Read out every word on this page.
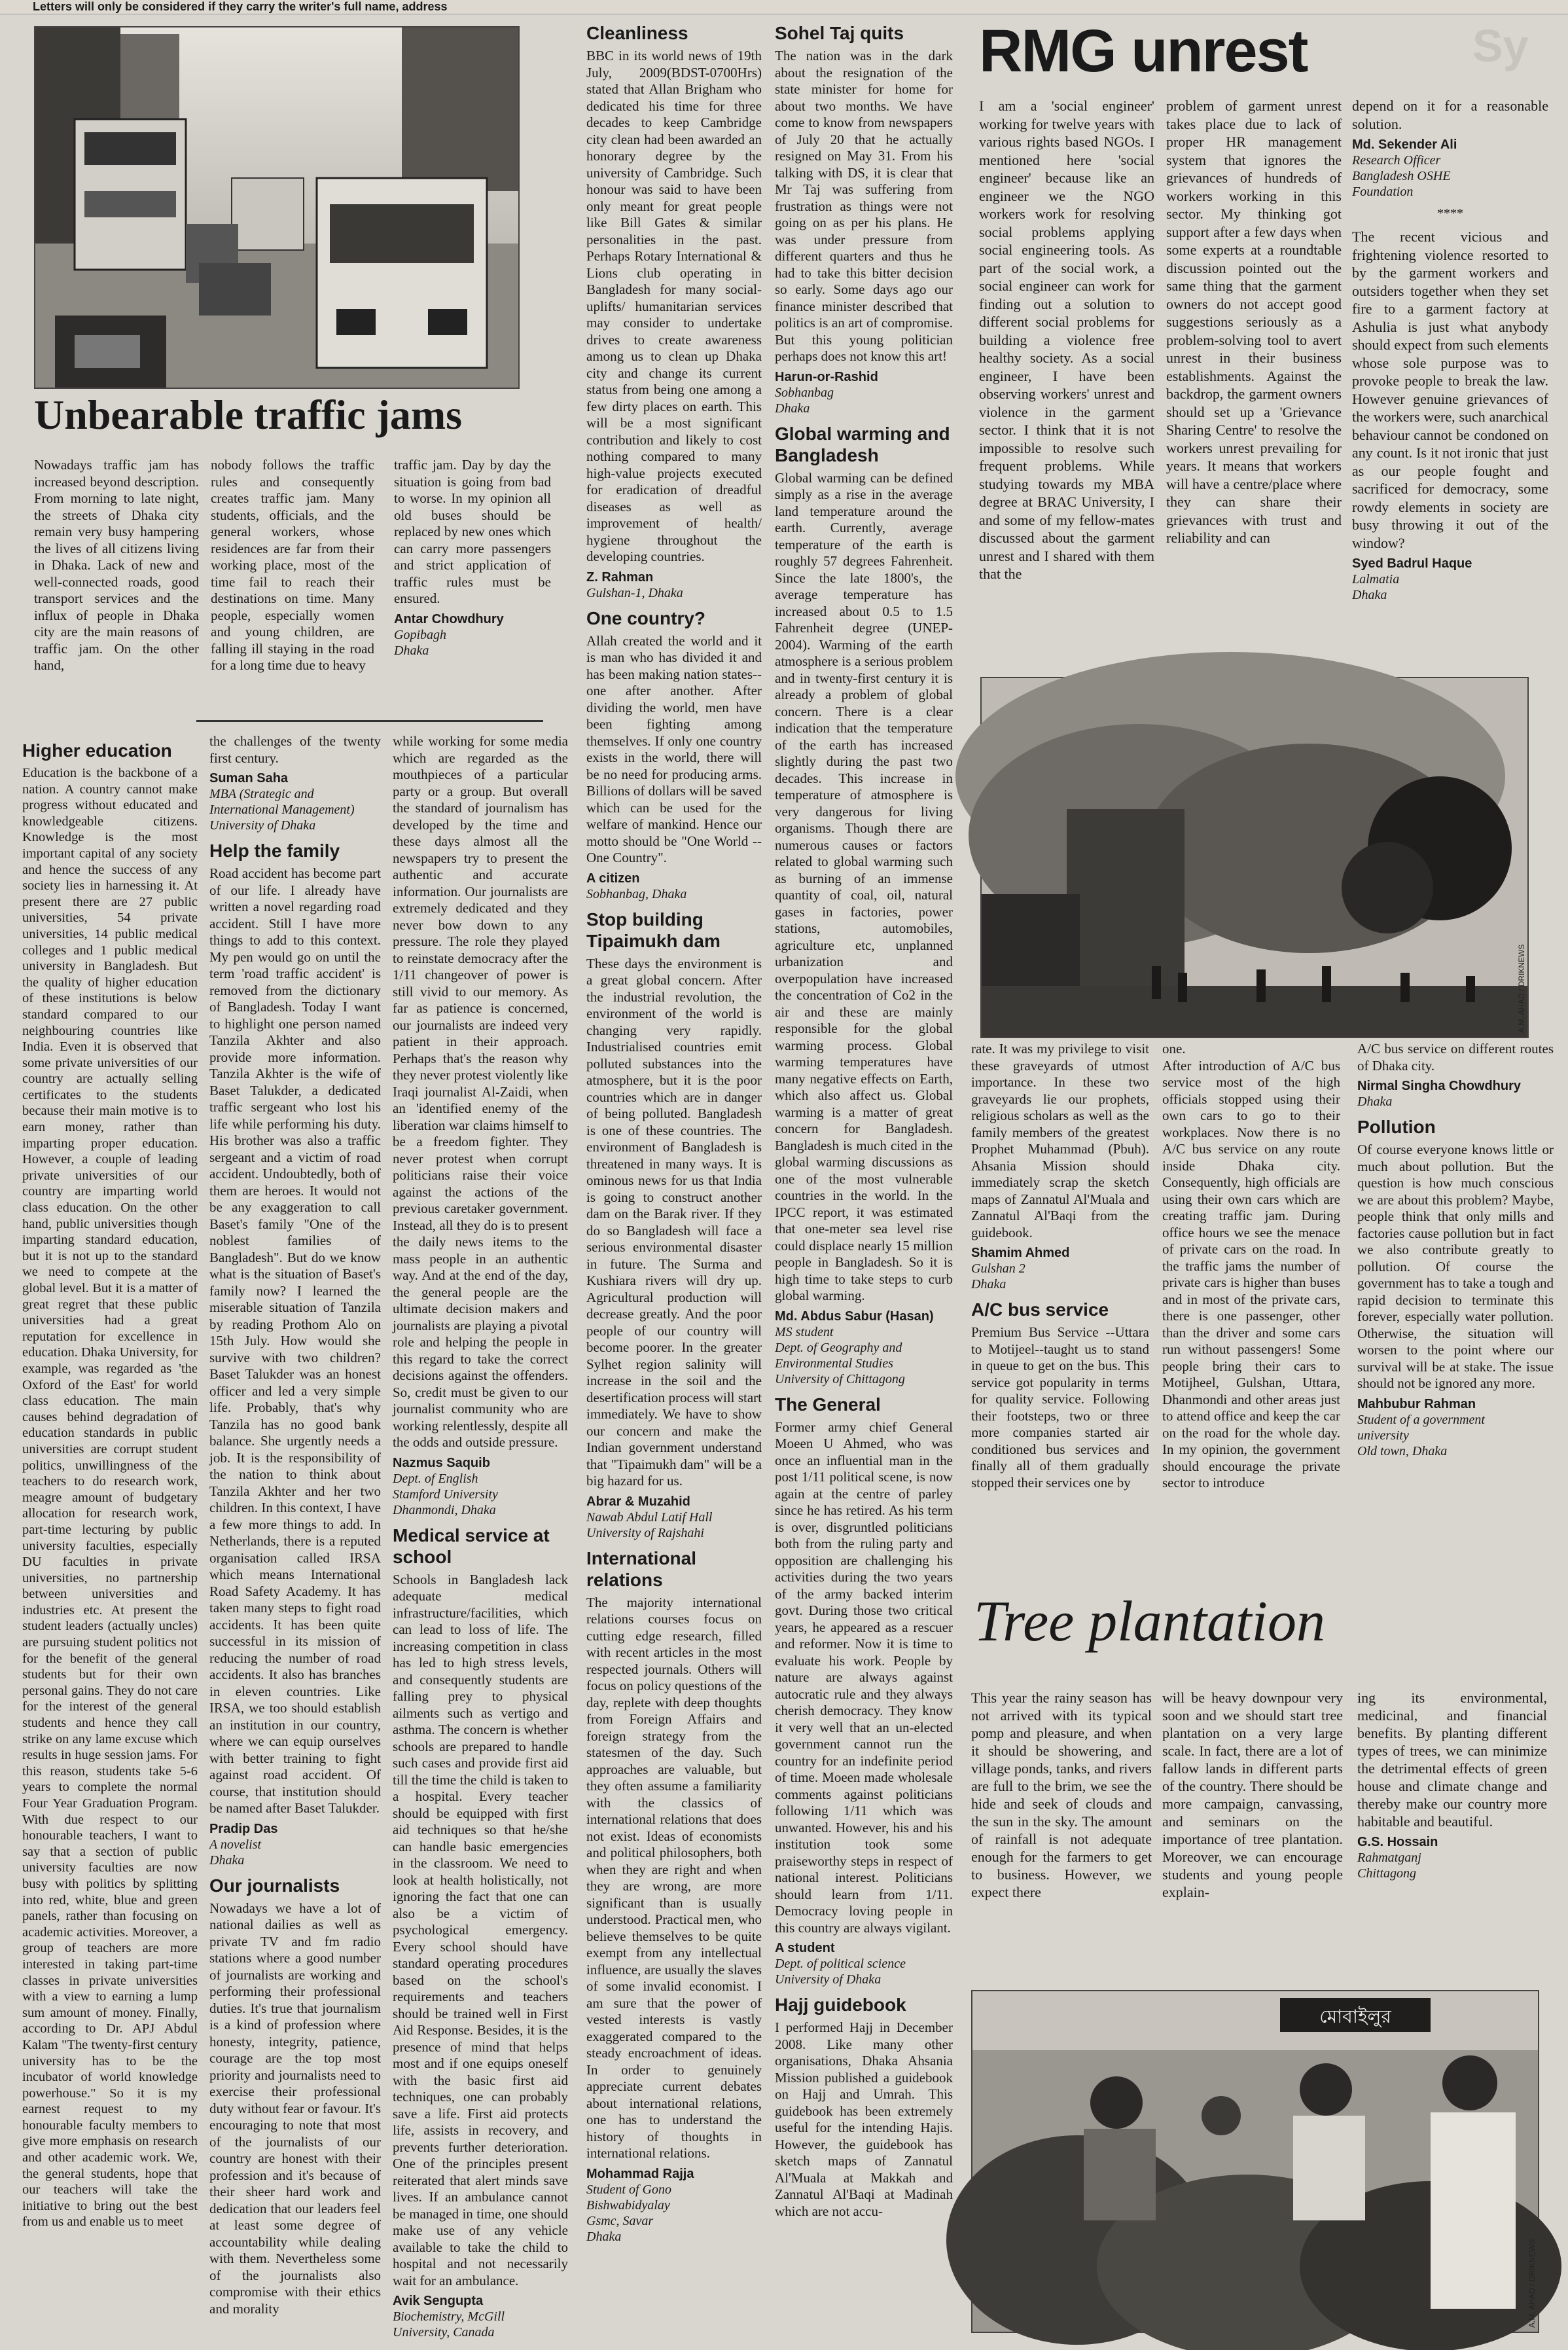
Letters will only be considered if they carry the writer's full name, address
Sy
Unbearable traffic jams

Nowadays traffic jam has increased beyond description. From morning to late night, the streets of Dhaka city remain very busy hampering the lives of all citizens living in Dhaka. Lack of new and well-connected roads, good transport services and the influx of people in Dhaka city are the main reasons of traffic jam. On the other hand,

nobody follows the traffic rules and consequently creates traffic jam. Many students, officials, and the general workers, whose residences are far from their working place, most of the time fail to reach their destinations on time. Many people, especially women and young children, are falling ill staying in the road for a long time due to heavy

traffic jam. Day by day the situation is going from bad to worse. In my opinion all old buses should be replaced by new ones which can carry more passengers and strict application of traffic rules must be ensured.

Antar Chowdhury
Gopibagh
Dhaka
Higher education

Education is the backbone of a nation. A country cannot make progress without educated and knowledgeable citizens. Knowledge is the most important capital of any society and hence the success of any society lies in harnessing it. At present there are 27 public universities, 54 private universities, 14 public medical colleges and 1 public medical university in Bangladesh. But the quality of higher education of these institutions is below standard compared to our neighbouring countries like India. Even it is observed that some private universities of our country are actually selling certificates to the students because their main motive is to earn money, rather than imparting proper education. However, a couple of leading private universities of our country are imparting world class education. On the other hand, public universities though imparting standard education, but it is not up to the standard we need to compete at the global level. But it is a matter of great regret that these public universities had a great reputation for excellence in education. Dhaka University, for example, was regarded as 'the Oxford of the East' for world class education. The main causes behind degradation of education standards in public universities are corrupt student politics, unwillingness of the teachers to do research work, meagre amount of budgetary allocation for research work, part-time lecturing by public university faculties, especially DU faculties in private universities, no partnership between universities and industries etc. At present the student leaders (actually uncles) are pursuing student politics not for the benefit of the general students but for their own personal gains. They do not care for the interest of the general students and hence they call strike on any lame excuse which results in huge session jams. For this reason, students take 5-6 years to complete the normal Four Year Graduation Program. With due respect to our honourable teachers, I want to say that a section of public university faculties are now busy with politics by splitting into red, white, blue and green panels, rather than focusing on academic activities. Moreover, a group of teachers are more interested in taking part-time classes in private universities with a view to earning a lump sum amount of money. Finally, according to Dr. APJ Abdul Kalam "The twenty-first century university has to be the incubator of world knowledge powerhouse." So it is my earnest request to my honourable faculty members to give more emphasis on research and other academic work. We, the general students, hope that our teachers will take the initiative to bring out the best from us and enable us to meet

the challenges of the twenty first century.

Suman Saha
MBA (Strategic and International Management)
University of Dhaka
Help the family

Road accident has become part of our life. I already have written a novel regarding road accident. Still I have more things to add to this context. My pen would go on until the term 'road traffic accident' is removed from the dictionary of Bangladesh. Today I want to highlight one person named Tanzila Akhter and also provide more information. Tanzila Akhter is the wife of Baset Talukder, a dedicated traffic sergeant who lost his life while performing his duty. His brother was also a traffic sergeant and a victim of road accident. Undoubtedly, both of them are heroes. It would not be any exaggeration to call Baset's family "One of the noblest families of Bangladesh". But do we know what is the situation of Baset's family now? I learned the miserable situation of Tanzila by reading Prothom Alo on 15th July. How would she survive with two children? Baset Talukder was an honest officer and led a very simple life. Probably, that's why Tanzila has no good bank balance. She urgently needs a job. It is the responsibility of the nation to think about Tanzila Akhter and her two children. In this context, I have a few more things to add. In Netherlands, there is a reputed organisation called IRSA which means International Road Safety Academy. It has taken many steps to fight road accidents. It has been quite successful in its mission of reducing the number of road accidents. It also has branches in eleven countries. Like IRSA, we too should establish an institution in our country, where we can equip ourselves with better training to fight against road accident. Of course, that institution should be named after Baset Talukder.

Pradip Das
A novelist
Dhaka
Our journalists

Nowadays we have a lot of national dailies as well as private TV and fm radio stations where a good number of journalists are working and performing their professional duties. It's true that journalism is a kind of profession where honesty, integrity, patience, courage are the top most priority and journalists need to exercise their professional duty without fear or favour. It's encouraging to note that most of the journalists of our country are honest with their profession and it's because of their sheer hard work and dedication that our leaders feel at least some degree of accountability while dealing with them. Nevertheless some of the journalists also compromise with their ethics and morality

while working for some media which are regarded as the mouthpieces of a particular party or a group. But overall the standard of journalism has developed by the time and these days almost all the newspapers try to present the authentic and accurate information. Our journalists are extremely dedicated and they never bow down to any pressure. The role they played to reinstate democracy after the 1/11 changeover of power is still vivid to our memory. As far as patience is concerned, our journalists are indeed very patient in their approach. Perhaps that's the reason why they never protest violently like Iraqi journalist Al-Zaidi, when an 'identified enemy of the liberation war claims himself to be a freedom fighter. They never protest when corrupt politicians raise their voice against the actions of the previous caretaker government. Instead, all they do is to present the daily news items to the mass people in an authentic way. And at the end of the day, the general people are the ultimate decision makers and journalists are playing a pivotal role and helping the people in this regard to take the correct decisions against the offenders. So, credit must be given to our journalist community who are working relentlessly, despite all the odds and outside pressure.

Nazmus Saquib
Dept. of English
Stamford University
Dhanmondi, Dhaka
Medical service at school

Schools in Bangladesh lack adequate medical infrastructure/facilities, which can lead to loss of life. The increasing competition in class has led to high stress levels, and consequently students are falling prey to physical ailments such as vertigo and asthma. The concern is whether schools are prepared to handle such cases and provide first aid till the time the child is taken to a hospital. Every teacher should be equipped with first aid techniques so that he/she can handle basic emergencies in the classroom. We need to look at health holistically, not ignoring the fact that one can also be a victim of psychological emergency. Every school should have standard operating procedures based on the school's requirements and teachers should be trained well in First Aid Response. Besides, it is the presence of mind that helps most and if one equips oneself with the basic first aid techniques, one can probably save a life. First aid protects life, assists in recovery, and prevents further deterioration. One of the principles present reiterated that alert minds save lives. If an ambulance cannot be managed in time, one should make use of any vehicle available to take the child to hospital and not necessarily wait for an ambulance.

Avik Sengupta
Biochemistry, McGill
University, Canada
Cleanliness

BBC in its world news of 19th July, 2009(BDST-0700Hrs) stated that Allan Brigham who dedicated his time for three decades to keep Cambridge city clean had been awarded an honorary degree by the university of Cambridge. Such honour was said to have been only meant for great people like Bill Gates & similar personalities in the past. Perhaps Rotary International & Lions club operating in Bangladesh for many social-uplifts/ humanitarian services may consider to undertake drives to create awareness among us to clean up Dhaka city and change its current status from being one among a few dirty places on earth. This will be a most significant contribution and likely to cost nothing compared to many high-value projects executed for eradication of dreadful diseases as well as improvement of health/ hygiene throughout the developing countries.

Z. Rahman
Gulshan-1, Dhaka
One country?

Allah created the world and it is man who has divided it and has been making nation states--one after another. After dividing the world, men have been fighting among themselves. If only one country exists in the world, there will be no need for producing arms. Billions of dollars will be saved which can be used for the welfare of mankind. Hence our motto should be "One World --One Country".

A citizen
Sobhanbag, Dhaka
Stop building Tipaimukh dam

These days the environment is a great global concern. After the industrial revolution, the environment of the world is changing very rapidly. Industrialised countries emit polluted substances into the atmosphere, but it is the poor countries which are in danger of being polluted. Bangladesh is one of these countries. The environment of Bangladesh is threatened in many ways. It is ominous news for us that India is going to construct another dam on the Barak river. If they do so Bangladesh will face a serious environmental disaster in future. The Surma and Kushiara rivers will dry up. Agricultural production will decrease greatly. And the poor people of our country will become poorer. In the greater Sylhet region salinity will increase in the soil and the desertification process will start immediately. We have to show our concern and make the Indian government understand that "Tipaimukh dam" will be a big hazard for us.

Abrar & Muzahid
Nawab Abdul Latif Hall
University of Rajshahi
International relations

The majority international relations courses focus on cutting edge research, filled with recent articles in the most respected journals. Others will focus on policy questions of the day, replete with deep thoughts from Foreign Affairs and foreign strategy from the statesmen of the day. Such approaches are valuable, but they often assume a familiarity with the classics of international relations that does not exist. Ideas of economists and political philosophers, both when they are right and when they are wrong, are more significant than is usually understood. Practical men, who believe themselves to be quite exempt from any intellectual influence, are usually the slaves of some invalid economist. I am sure that the power of vested interests is vastly exaggerated compared to the steady encroachment of ideas. In order to genuinely appreciate current debates about international relations, one has to understand the history of thoughts in international relations.

Mohammad Rajja
Student of Gono
Bishwabidyalay
Gsmc, Savar
Dhaka
Sohel Taj quits

The nation was in the dark about the resignation of the state minister for home for about two months. We have come to know from newspapers of July 20 that he actually resigned on May 31. From his talking with DS, it is clear that Mr Taj was suffering from frustration as things were not going on as per his plans. He was under pressure from different quarters and thus he had to take this bitter decision so early. Some days ago our finance minister described that politics is an art of compromise. But this young politician perhaps does not know this art!

Harun-or-Rashid
Sobhanbag
Dhaka
Global warming and Bangladesh

Global warming can be defined simply as a rise in the average land temperature around the earth. Currently, average temperature of the earth is roughly 57 degrees Fahrenheit. Since the late 1800's, the average temperature has increased about 0.5 to 1.5 Fahrenheit degree (UNEP-2004). Warming of the earth atmosphere is a serious problem and in twenty-first century it is already a problem of global concern. There is a clear indication that the temperature of the earth has increased slightly during the past two decades. This increase in temperature of atmosphere is very dangerous for living organisms. Though there are numerous causes or factors related to global warming such as burning of an immense quantity of coal, oil, natural gases in factories, power stations, automobiles, agriculture etc, unplanned urbanization and overpopulation have increased the concentration of Co2 in the air and these are mainly responsible for the global warming process. Global warming temperatures have many negative effects on Earth, which also affect us. Global warming is a matter of great concern for Bangladesh. Bangladesh is much cited in the global warming discussions as one of the most vulnerable countries in the world. In the IPCC report, it was estimated that one-meter sea level rise could displace nearly 15 million people in Bangladesh. So it is high time to take steps to curb global warming.

Md. Abdus Sabur (Hasan)
MS student
Dept. of Geography and
Environmental Studies
University of Chittagong
The General

Former army chief General Moeen U Ahmed, who was once an influential man in the post 1/11 political scene, is now again at the centre of parley since he has retired. As his term is over, disgruntled politicians both from the ruling party and opposition are challenging his activities during the two years of the army backed interim govt. During those two critical years, he appeared as a rescuer and reformer. Now it is time to evaluate his work. People by nature are always against autocratic rule and they always cherish democracy. They know it very well that an un-elected government cannot run the country for an indefinite period of time. Moeen made wholesale comments against politicians following 1/11 which was unwanted. However, his and his institution took some praiseworthy steps in respect of national interest. Politicians should learn from 1/11. Democracy loving people in this country are always vigilant.

A student
Dept. of political science
University of Dhaka
Hajj guidebook

I performed Hajj in December 2008. Like many other organisations, Dhaka Ahsania Mission published a guidebook on Hajj and Umrah. This guidebook has been extremely useful for the intending Hajis. However, the guidebook has sketch maps of Zannatul Al'Muala at Makkah and Zannatul Al'Baqi at Madinah which are not accu-

RMG unrest

I am a 'social engineer' working for twelve years with various rights based NGOs. I mentioned here 'social engineer' because like an engineer we the NGO workers work for resolving social problems applying social engineering tools. As part of the social work, a social engineer can work for finding out a solution to different social problems for building a violence free healthy society. As a social engineer, I have been observing workers' unrest and violence in the garment sector. I think that it is not impossible to resolve such frequent problems. While studying towards my MBA degree at BRAC University, I and some of my fellow-mates discussed about the garment unrest and I shared with them that the

problem of garment unrest takes place due to lack of proper HR management system that ignores the grievances of hundreds of workers working in this sector. My thinking got support after a few days when some experts at a roundtable discussion pointed out the same thing that the garment owners do not accept good suggestions seriously as a problem-solving tool to avert unrest in their business establishments. Against the backdrop, the garment owners should set up a 'Grievance Sharing Centre' to resolve the workers unrest prevailing for years. It means that workers will have a centre/place where they can share their grievances with trust and reliability and can

depend on it for a reasonable solution.

Md. Sekender Ali
Research Officer
Bangladesh OSHE
Foundation
****

The recent vicious and frightening violence resorted to by the garment workers and outsiders together when they set fire to a garment factory at Ashulia is just what anybody should expect from such elements whose sole purpose was to provoke people to break the law. However genuine grievances of the workers were, such anarchical behaviour cannot be condoned on any count. Is it not ironic that just as our people fought and sacrificed for democracy, some rowdy elements in society are busy throwing it out of the window?

Syed Badrul Haque
Lalmatia
Dhaka
A.M. AHAD / DRIKNEWS

rate. It was my privilege to visit these graveyards of utmost importance. In these two graveyards lie our prophets, religious scholars as well as the family members of the greatest Prophet Muhammad (Pbuh). Ahsania Mission should immediately scrap the sketch maps of Zannatul Al'Muala and Zannatul Al'Baqi from the guidebook.

Shamim Ahmed
Gulshan 2
Dhaka
A/C bus service

Premium Bus Service --Uttara to Motijeel--taught us to stand in queue to get on the bus. This service got popularity in terms for quality service. Following their footsteps, two or three more companies started air conditioned bus services and finally all of them gradually stopped their services one by

one.

After introduction of A/C bus service most of the high officials stopped using their own cars to go to their workplaces. Now there is no A/C bus service on any route inside Dhaka city. Consequently, high officials are using their own cars which are creating traffic jam. During office hours we see the menace of private cars on the road. In the traffic jams the number of private cars is higher than buses and in most of the private cars, there is one passenger, other than the driver and some cars run without passengers! Some people bring their cars to Motijheel, Gulshan, Uttara, Dhanmondi and other areas just to attend office and keep the car on the road for the whole day. In my opinion, the government should encourage the private sector to introduce

A/C bus service on different routes of Dhaka city.

Nirmal Singha Chowdhury
Dhaka
Pollution

Of course everyone knows little or much about pollution. But the question is how much conscious we are about this problem? Maybe, people think that only mills and factories cause pollution but in fact we also contribute greatly to pollution. Of course the government has to take a tough and rapid decision to terminate this forever, especially water pollution. Otherwise, the situation will worsen to the point where our survival will be at stake. The issue should not be ignored any more.

Mahbubur Rahman
Student of a government
university
Old town, Dhaka
Tree plantation

This year the rainy season has not arrived with its typical pomp and pleasure, and when it should be showering, and village ponds, tanks, and rivers are full to the brim, we see the hide and seek of clouds and the sun in the sky. The amount of rainfall is not adequate enough for the farmers to get to business. However, we expect there

will be heavy downpour very soon and we should start tree plantation on a very large scale. In fact, there are a lot of fallow lands in different parts of the country. There should be more campaign, canvassing, and seminars on the importance of tree plantation. Moreover, we can encourage students and young people explain-

ing its environmental, medicinal, and financial benefits. By planting different types of trees, we can minimize the detrimental effects of green house and climate change and thereby make our country more habitable and beautiful.

G.S. Hossain
Rahmatganj
Chittagong
মোবাইলুর
A.M. AHAD / DRIKNEWS
